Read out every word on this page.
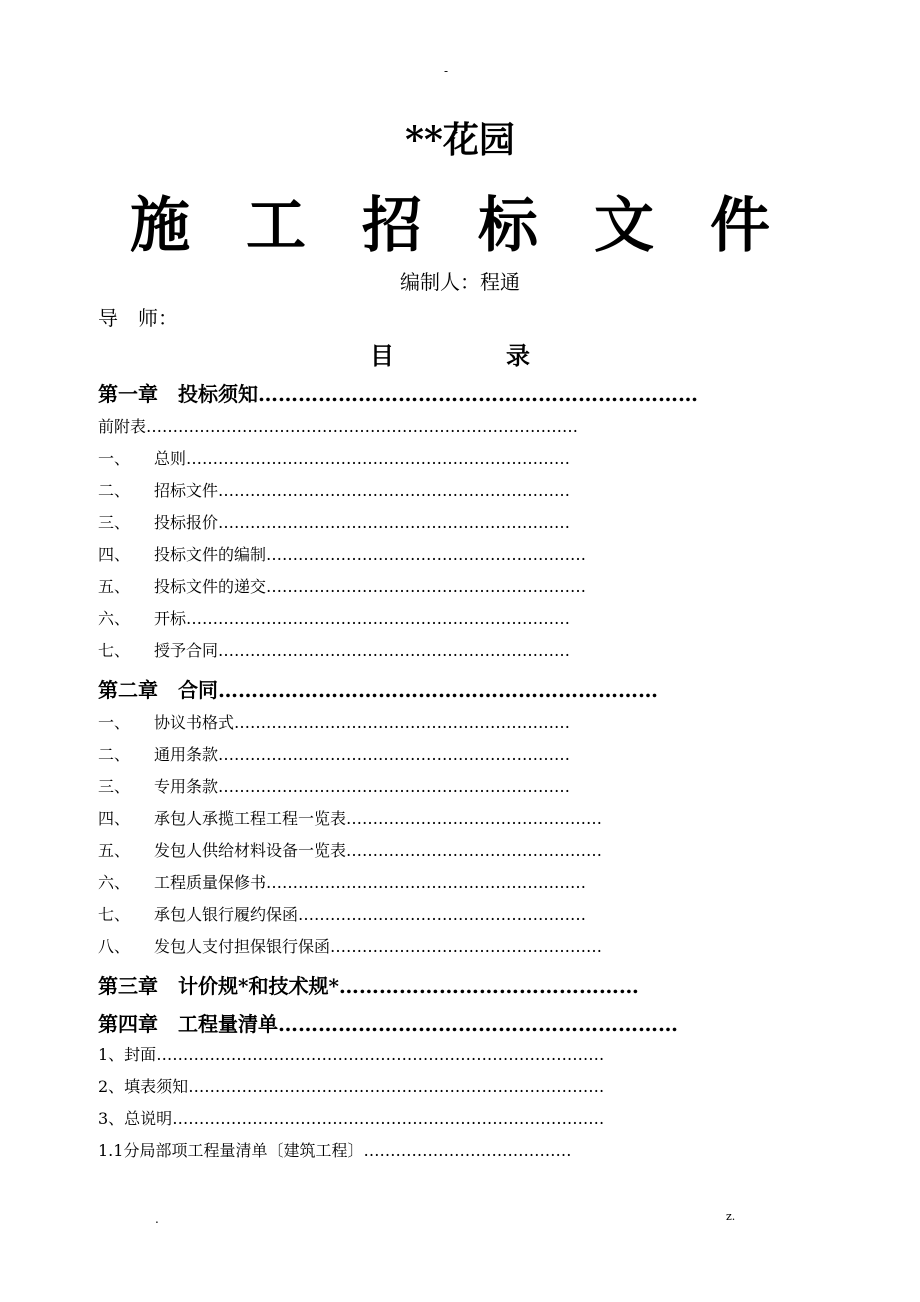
-
**花园
施 工 招 标 文 件
编制人：程通
导　师：
目	录
第一章　投标须知 …………………………………………………………
前附表 ………………………………………………………………………
一、	总则 ………………………………………………………………
二、	招标文件 …………………………………………………………
三、	投标报价 …………………………………………………………
四、	投标文件的编制 ……………………………………………………
五、	投标文件的递交 ……………………………………………………
六、	开标 ………………………………………………………………
七、	授予合同 …………………………………………………………
第二章　合同 …………………………………………………………
一、	协议书格式 ………………………………………………………
二、	通用条款 …………………………………………………………
三、	专用条款 …………………………………………………………
四、	承包人承揽工程工程一览表 …………………………………………
五、	发包人供给材料设备一览表 …………………………………………
六、	工程质量保修书 ……………………………………………………
七、	承包人银行履约保函 ………………………………………………
八、	发包人支付担保银行保函 ……………………………………………
第三章　计价规*和技术规* ………………………………………
第四章　工程量清单 ……………………………………………………
1、封面 …………………………………………………………………………
2、填表须知 ……………………………………………………………………
3、总说明 ………………………………………………………………………
1.1分局部项工程量清单〔建筑工程〕 …………………………………
.	z.
